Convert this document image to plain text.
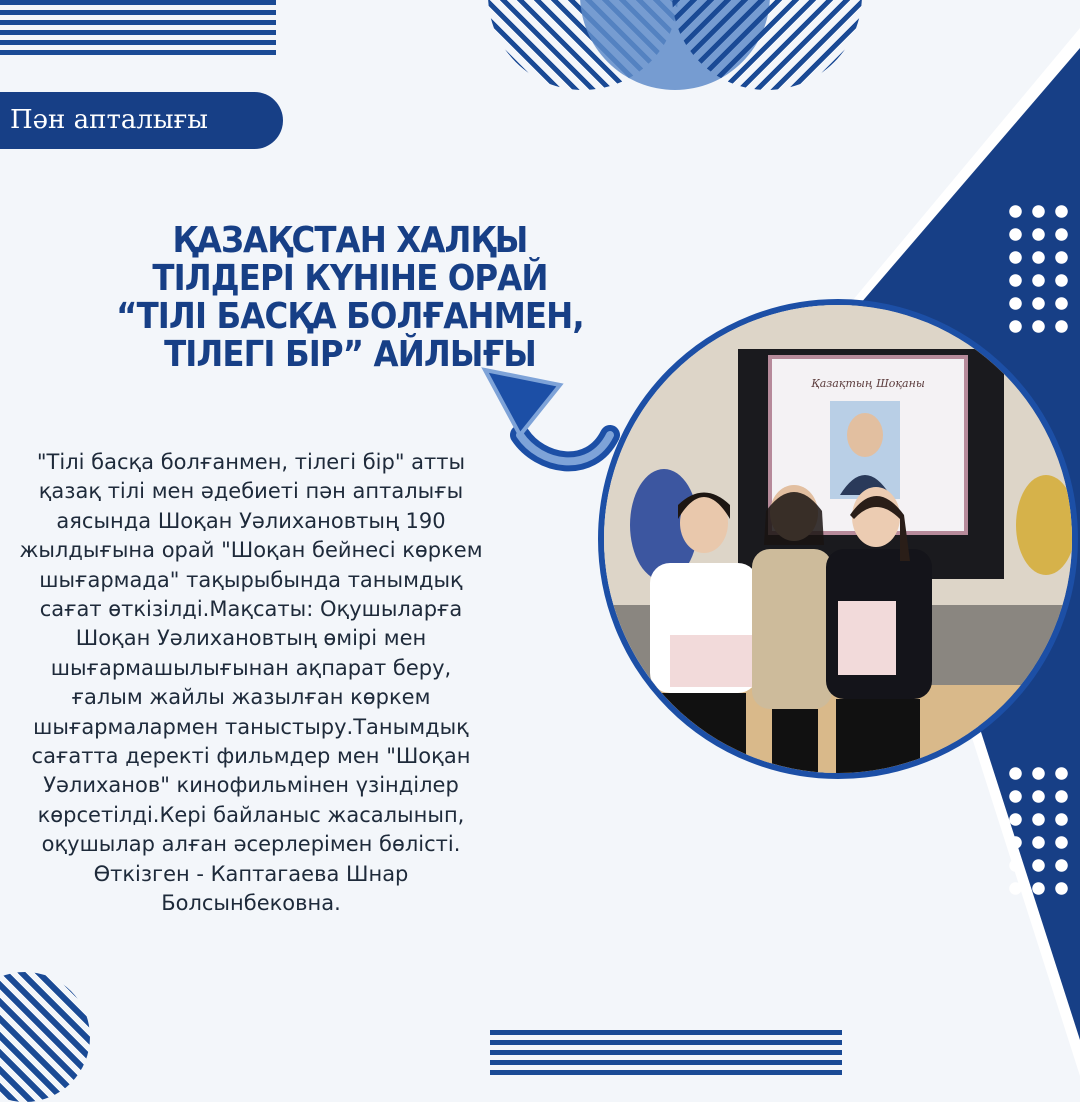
Пән апталығы
ҚАЗАҚСТАН ХАЛҚЫ
ТІЛДЕРІ КҮНІНЕ ОРАЙ
“ТІЛІ БАСҚА БОЛҒАНМЕН,
ТІЛЕГІ БІР” АЙЛЫҒЫ
"Тілі басқа болғанмен, тілегі бір" атты
қазақ тілі мен әдебиеті пән апталығы
аясында Шоқан Уәлихановтың 190
жылдығына орай "Шоқан бейнесі көркем
шығармада" тақырыбында танымдық
сағат өткізілді.Мақсаты: Оқушыларға
Шоқан Уәлихановтың өмірі мен
шығармашылығынан ақпарат беру,
ғалым жайлы жазылған көркем
шығармалармен таныстыру.Танымдық
сағатта деректі фильмдер мен "Шоқан
Уәлиханов" кинофильмінен үзінділер
көрсетілді.Кері байланыс жасалынып,
оқушылар алған әсерлерімен бөлісті.
Өткізген - Каптагаева Шнар
Болсынбековна.
Қазақтың Шоқаны
